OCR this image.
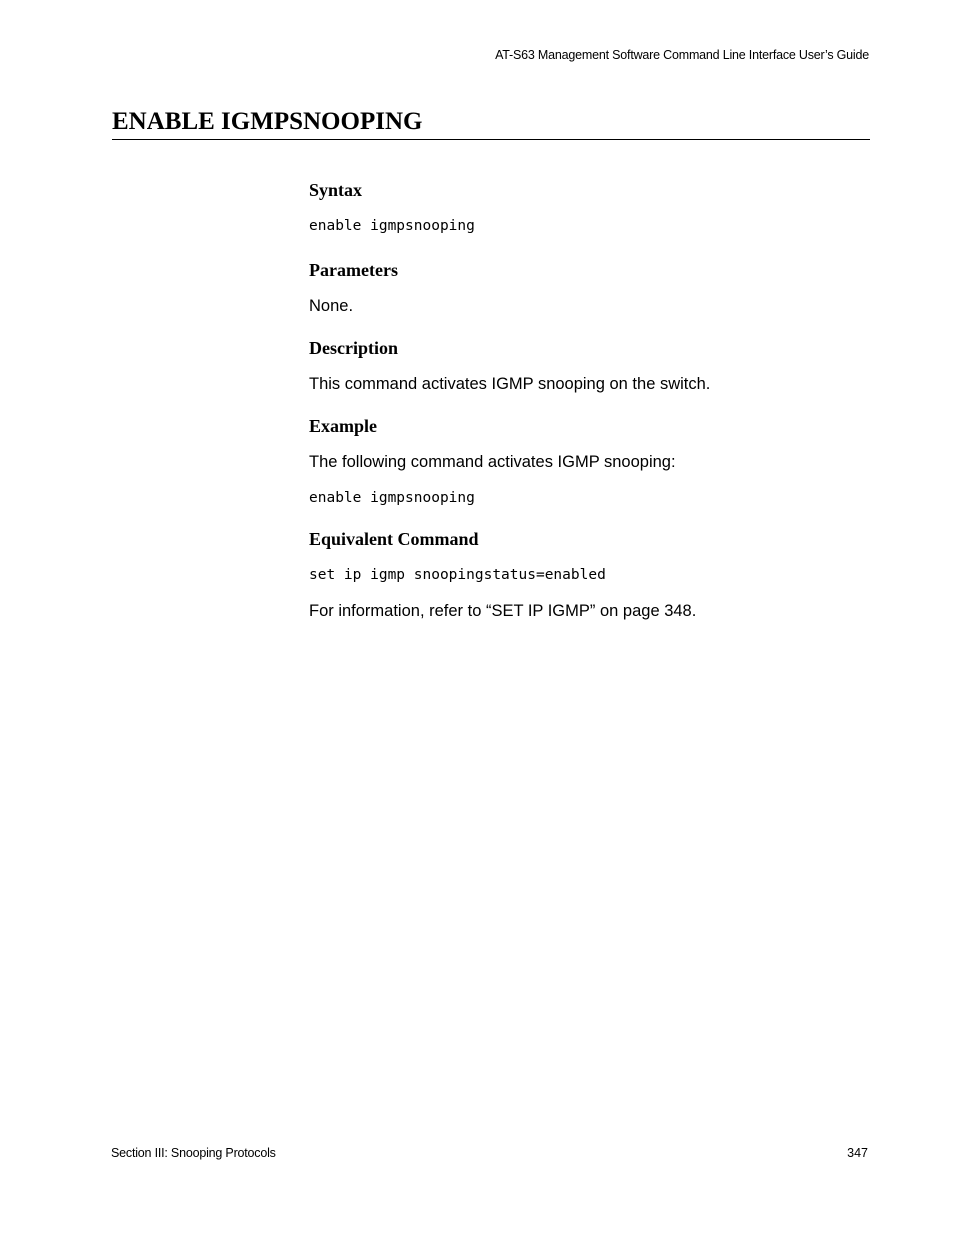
AT-S63 Management Software Command Line Interface User’s Guide
ENABLE IGMPSNOOPING
Syntax

enable igmpsnooping

Parameters

None.

Description

This command activates IGMP snooping on the switch.

Example

The following command activates IGMP snooping:

enable igmpsnooping

Equivalent Command

set ip igmp snoopingstatus=enabled

For information, refer to “SET IP IGMP” on page 348.

Section III: Snooping Protocols	347
